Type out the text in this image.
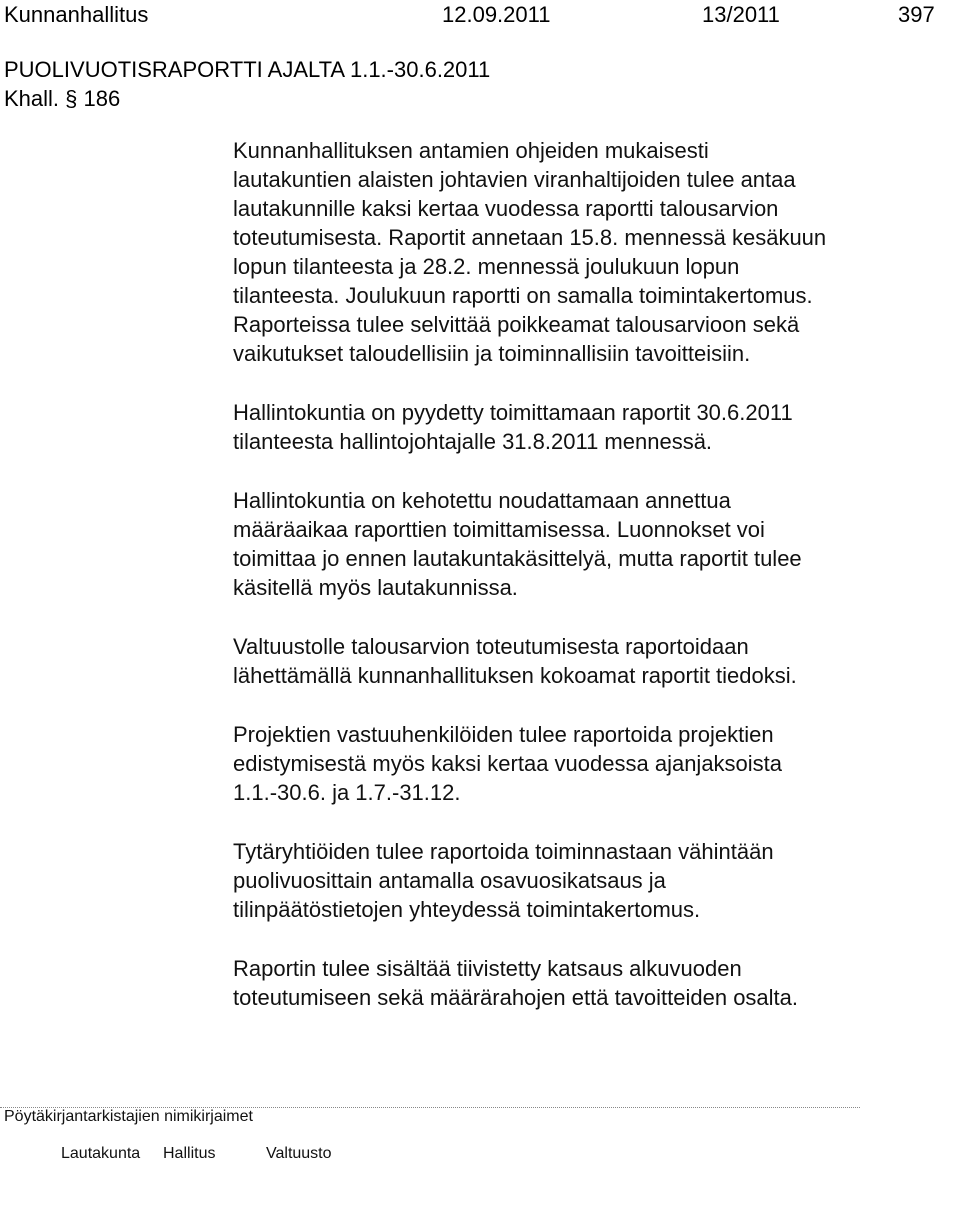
Kunnanhallitus	12.09.2011	13/2011	397
PUOLIVUOTISRAPORTTI AJALTA 1.1.-30.6.2011
Khall. § 186

Kunnanhallituksen antamien ohjeiden mukaisesti
lautakuntien alaisten johtavien viranhaltijoiden tulee antaa
lautakunnille kaksi kertaa vuodessa raportti talousarvion
toteutumisesta. Raportit annetaan 15.8. mennessä kesäkuun
lopun tilanteesta ja 28.2. mennessä joulukuun lopun
tilanteesta. Joulukuun raportti on samalla toimintakertomus.
Raporteissa tulee selvittää poikkeamat talousarvioon sekä
vaikutukset taloudellisiin ja toiminnallisiin tavoitteisiin.

Hallintokuntia on pyydetty toimittamaan raportit 30.6.2011
tilanteesta hallintojohtajalle 31.8.2011 mennessä.

Hallintokuntia on kehotettu noudattamaan annettua
määräaikaa raporttien toimittamisessa. Luonnokset voi
toimittaa jo ennen lautakuntakäsittelyä, mutta raportit tulee
käsitellä myös lautakunnissa.

Valtuustolle talousarvion toteutumisesta raportoidaan
lähettämällä kunnanhallituksen kokoamat raportit tiedoksi.

Projektien vastuuhenkilöiden tulee raportoida projektien
edistymisestä myös kaksi kertaa vuodessa ajanjaksoista
1.1.-30.6. ja 1.7.-31.12.

Tytäryhtiöiden tulee raportoida toiminnastaan vähintään
puolivuosittain antamalla osavuosikatsaus ja
tilinpäätöstietojen yhteydessä toimintakertomus.

Raportin tulee sisältää tiivistetty katsaus alkuvuoden
toteutumiseen sekä määrärahojen että tavoitteiden osalta.

Pöytäkirjantarkistajien nimikirjaimet
Lautakunta Hallitus	Valtuusto
